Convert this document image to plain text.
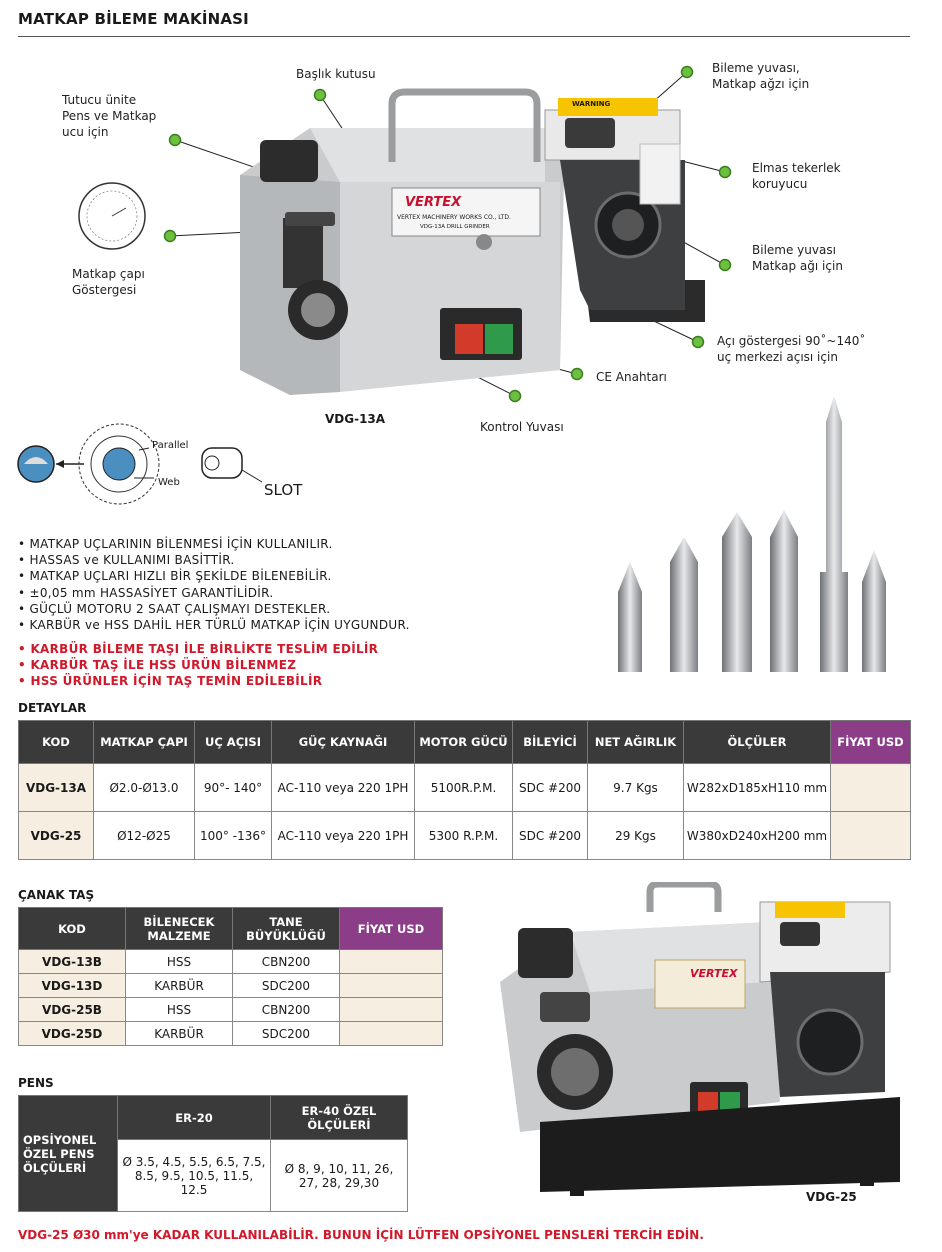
MATKAP BİLEME MAKİNASI
WARNING
VERTEX
VERTEX MACHINERY WORKS CO., LTD.
VDG-13A DRILL GRINDER
Başlık kutusu
Tutucu ünite
Pens ve Matkap
ucu için
Bileme yuvası,
Matkap ağzı için
Elmas tekerlek
koruyucu
Bileme yuvası
Matkap ağı için
Açı göstergesi 90˚~140˚
uç merkezi açısı için
CE Anahtarı
Kontrol Yuvası
Matkap çapı
Göstergesi
VDG-13A
Parallel
Web	SLOT
• MATKAP UÇLARININ BİLENMESİ İÇİN KULLANILIR.
• HASSAS ve KULLANIMI BASİTTİR.
• MATKAP UÇLARI HIZLI BİR ŞEKİLDE BİLENEBİLİR.
• ±0,05 mm HASSASİYET GARANTİLİDİR.
• GÜÇLÜ MOTORU 2 SAAT ÇALIŞMAYI DESTEKLER.
• KARBÜR ve HSS DAHİL HER TÜRLÜ MATKAP İÇİN UYGUNDUR.
• KARBÜR BİLEME TAŞI İLE BİRLİKTE TESLİM EDİLİR
• KARBÜR TAŞ İLE HSS ÜRÜN BİLENMEZ
• HSS ÜRÜNLER İÇİN TAŞ TEMİN EDİLEBİLİR
DETAYLAR
KOD	MATKAP ÇAPI	UÇ AÇISI	GÜÇ KAYNAĞI	MOTOR GÜCÜ	BİLEYİCİ	NET AĞIRLIK	ÖLÇÜLER	FİYAT USD
VDG-13A	Ø2.0-Ø13.0	90°- 140°	AC-110 veya 220 1PH	5100R.P.M.	SDC #200	9.7 Kgs	W282xD185xH110 mm	
VDG-25	Ø12-Ø25	100° -136°	AC-110 veya 220 1PH	5300 R.P.M.	SDC #200	29 Kgs	W380xD240xH200 mm	
ÇANAK TAŞ
KOD	BİLENECEK MALZEME	TANE BÜYÜKLÜĞÜ	FİYAT USD
VDG-13B	HSS	CBN200	
VDG-13D	KARBÜR	SDC200	
VDG-25B	HSS	CBN200	
VDG-25D	KARBÜR	SDC200	
PENS
OPSİYONEL ÖZEL PENS ÖLÇÜLERİ	ER-20	ER-40 ÖZEL ÖLÇÜLERİ
	Ø 3.5, 4.5, 5.5, 6.5, 7.5, 8.5, 9.5, 10.5, 11.5, 12.5	Ø 8, 9, 10, 11, 26, 27, 28, 29,30
VERTEX
VDG-25
VDG-25 Ø30 mm'ye KADAR KULLANILABİLİR. BUNUN İÇİN LÜTFEN OPSİYONEL PENSLERİ TERCİH EDİN.
